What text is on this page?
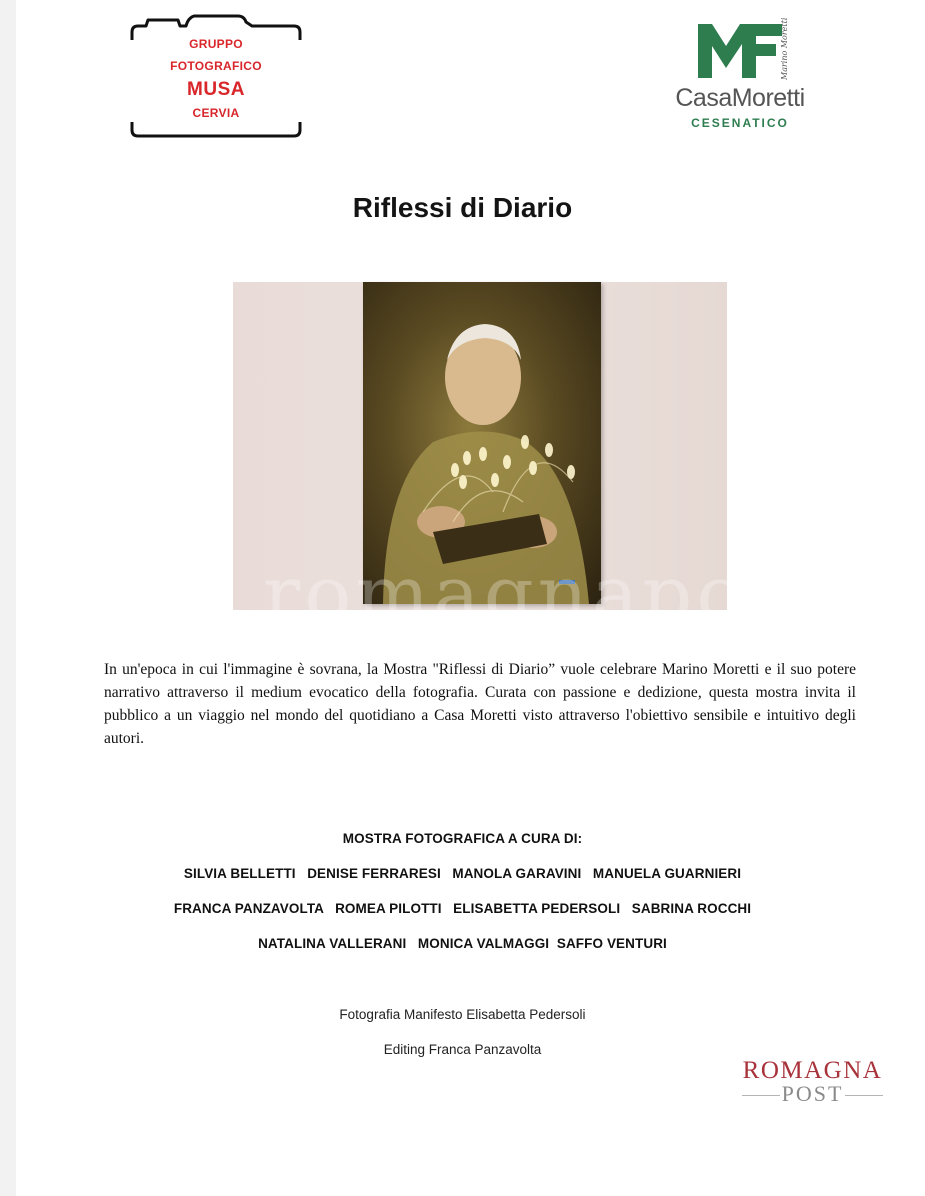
GRUPPO
FOTOGRAFICO
MUSA
CERVIA
Marino Moretti
CasaMoretti
CESENATICO
Riflessi di Diario
romagnapost
In un'epoca in cui l'immagine è sovrana, la Mostra "Riflessi di Diario” vuole celebrare Marino Moretti e il suo potere narrativo attraverso il medium evocatico della fotografia. Curata con passione e dedizione, questa mostra invita il pubblico a un viaggio nel mondo del quotidiano a Casa Moretti visto attraverso l'obiettivo sensibile e intuitivo degli autori.
MOSTRA FOTOGRAFICA A CURA DI:
SILVIA BELLETTI   DENISE FERRARESI   MANOLA GARAVINI   MANUELA GUARNIERI
FRANCA PANZAVOLTA   ROMEA PILOTTI   ELISABETTA PEDERSOLI   SABRINA ROCCHI
NATALINA VALLERANI   MONICA VALMAGGI  SAFFO VENTURI
Fotografia Manifesto Elisabetta Pedersoli
Editing Franca Panzavolta
ROMAGNA
POST
